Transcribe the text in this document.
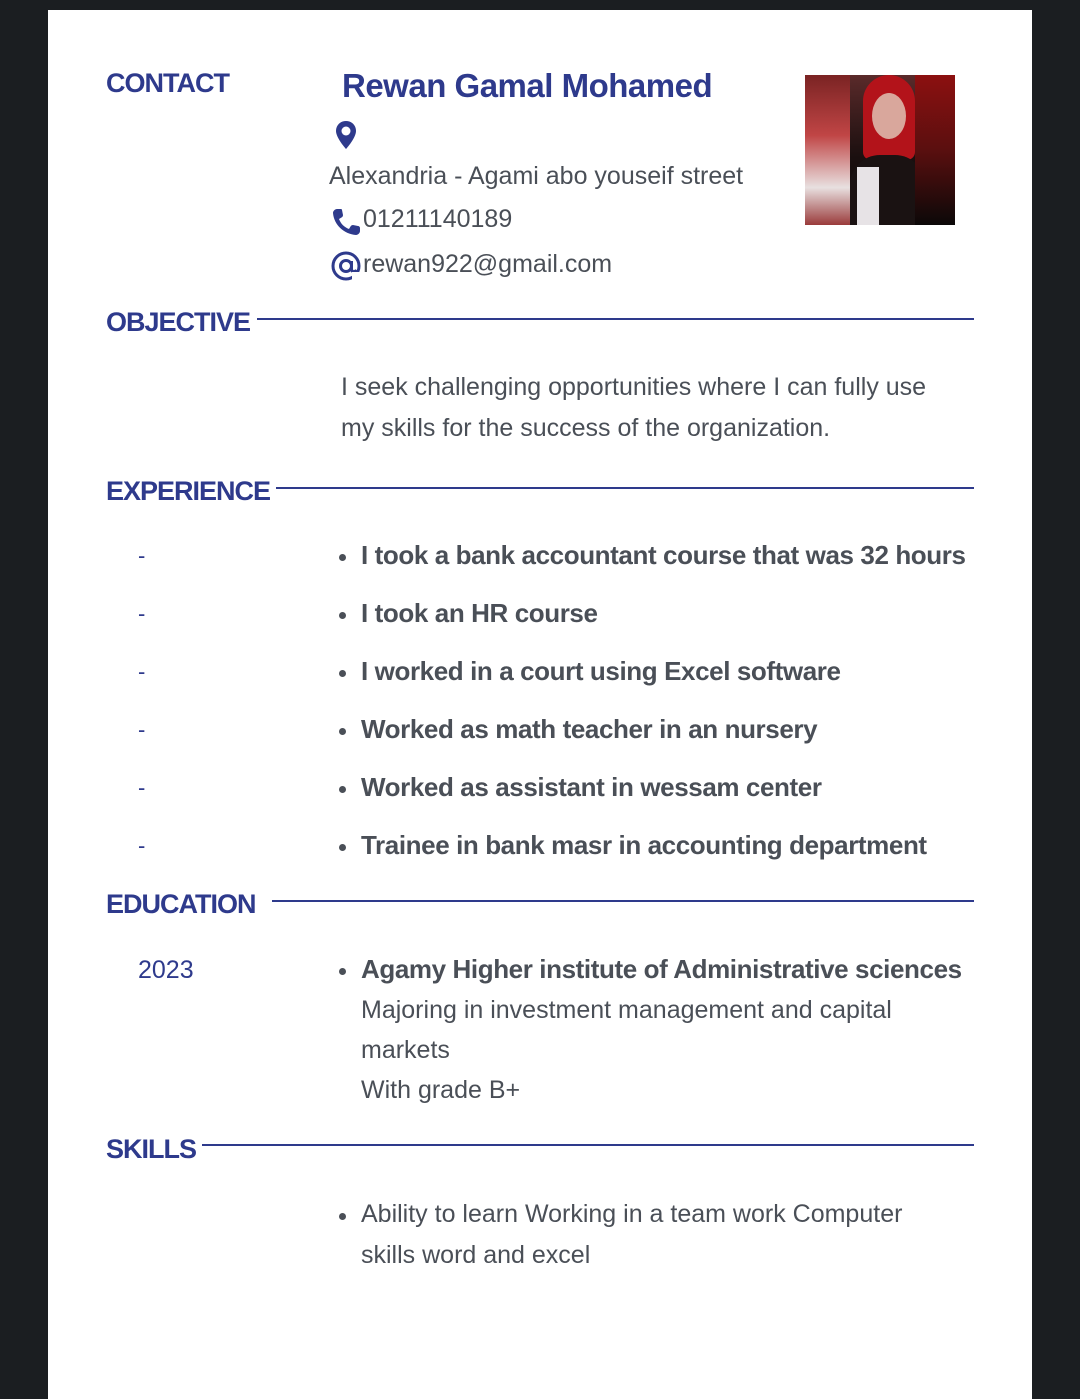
CONTACT	Rewan Gamal Mohamed
Alexandria - Agami abo youseif street
01211140189
rewan922@gmail.com
OBJECTIVE
I seek challenging opportunities where I can fully use
my skills for the success of the organization.
EXPERIENCE
-	I took a bank accountant course that was 32 hours
-	I took an HR course
-	I worked in a court using Excel software
-	Worked as math teacher in an nursery
-	Worked as assistant in wessam center
-	Trainee in bank masr in accounting department
EDUCATION
2023	Agamy Higher institute of Administrative sciences
Majoring in investment management and capital
markets
With grade B+
SKILLS
Ability to learn Working in a team work Computer
skills word and excel
